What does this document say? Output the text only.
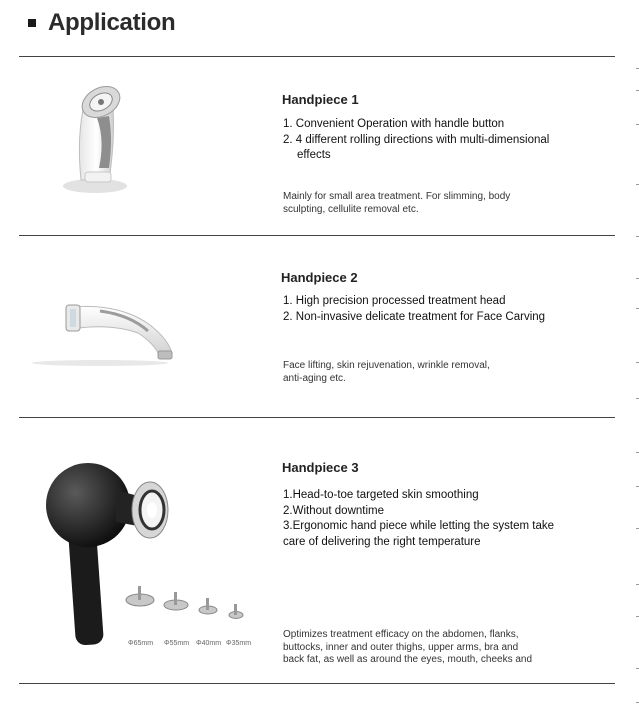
Application
Handpiece 1
1. Convenient Operation with handle button
2. 4 different rolling directions with multi-dimensional
effects
Mainly for small area treatment. For slimming, body
sculpting, cellulite removal etc.
Handpiece 2
1. High precision processed treatment head
2. Non-invasive delicate treatment for Face Carving
Face lifting, skin rejuvenation, wrinkle removal,
anti-aging etc.
Φ65mm	Φ55mm Φ40mm Φ35mm
Handpiece 3
1.Head-to-toe targeted skin smoothing
2.Without downtime
3.Ergonomic hand piece while letting the system take
care of delivering the right temperature
Optimizes treatment efficacy on the abdomen, flanks,
buttocks, inner and outer thighs, upper arms, bra and
back fat, as well as around the eyes, mouth, cheeks and
